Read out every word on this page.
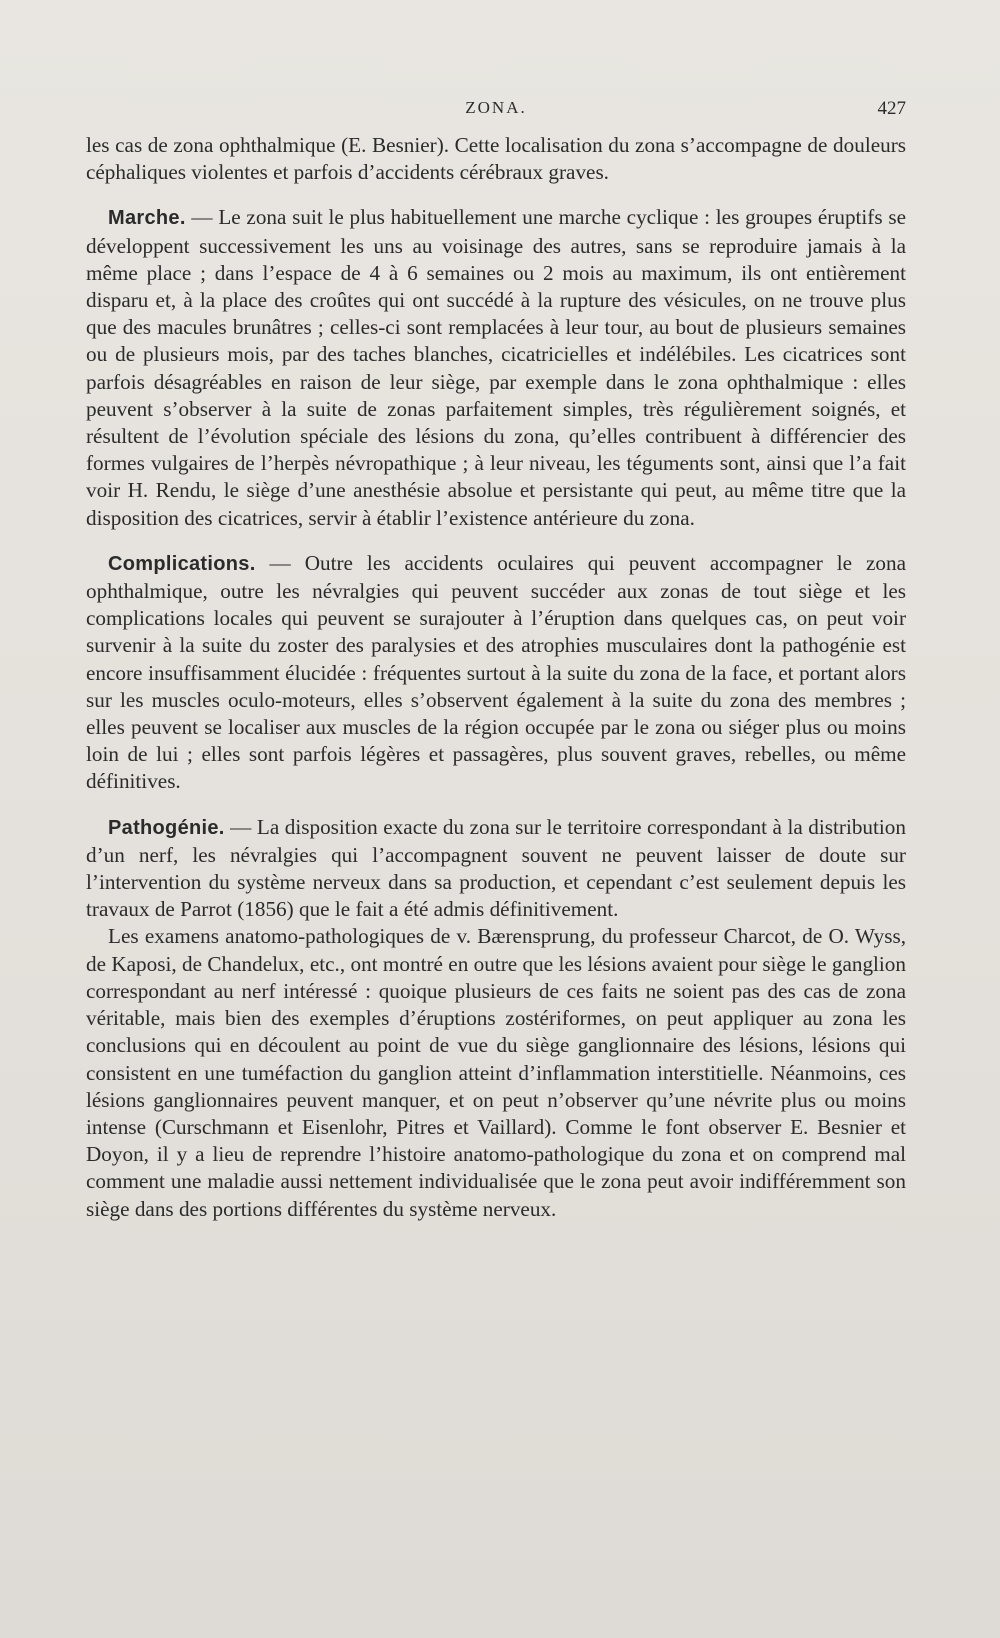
ZONA.	427

les cas de zona ophthalmique (E. Besnier). Cette localisation du zona s’accompagne de douleurs céphaliques violentes et parfois d’accidents cérébraux graves.

Marche. — Le zona suit le plus habituellement une marche cyclique : les groupes éruptifs se développent successivement les uns au voisinage des autres, sans se reproduire jamais à la même place ; dans l’espace de 4 à 6 semaines ou 2 mois au maximum, ils ont entièrement disparu et, à la place des croûtes qui ont succédé à la rupture des vésicules, on ne trouve plus que des macules brunâtres ; celles-ci sont remplacées à leur tour, au bout de plusieurs semaines ou de plusieurs mois, par des taches blanches, cicatricielles et indélébiles. Les cicatrices sont parfois désagréables en raison de leur siège, par exemple dans le zona ophthalmique : elles peuvent s’observer à la suite de zonas parfaitement simples, très régulièrement soignés, et résultent de l’évolution spéciale des lésions du zona, qu’elles contribuent à différencier des formes vulgaires de l’herpès névropathique ; à leur niveau, les téguments sont, ainsi que l’a fait voir H. Rendu, le siège d’une anesthésie absolue et persistante qui peut, au même titre que la disposition des cicatrices, servir à établir l’existence antérieure du zona.

Complications. — Outre les accidents oculaires qui peuvent accompagner le zona ophthalmique, outre les névralgies qui peuvent succéder aux zonas de tout siège et les complications locales qui peuvent se surajouter à l’éruption dans quelques cas, on peut voir survenir à la suite du zoster des paralysies et des atrophies musculaires dont la pathogénie est encore insuffisamment élucidée : fréquentes surtout à la suite du zona de la face, et portant alors sur les muscles oculo-moteurs, elles s’observent également à la suite du zona des membres ; elles peuvent se localiser aux muscles de la région occupée par le zona ou siéger plus ou moins loin de lui ; elles sont parfois légères et passagères, plus souvent graves, rebelles, ou même définitives.

Pathogénie. — La disposition exacte du zona sur le territoire correspondant à la distribution d’un nerf, les névralgies qui l’accompagnent souvent ne peuvent laisser de doute sur l’intervention du système nerveux dans sa production, et cependant c’est seulement depuis les travaux de Parrot (1856) que le fait a été admis définitivement.

Les examens anatomo-pathologiques de v. Bærensprung, du professeur Charcot, de O. Wyss, de Kaposi, de Chandelux, etc., ont montré en outre que les lésions avaient pour siège le ganglion correspondant au nerf intéressé : quoique plusieurs de ces faits ne soient pas des cas de zona véritable, mais bien des exemples d’éruptions zostériformes, on peut appliquer au zona les conclusions qui en découlent au point de vue du siège ganglionnaire des lésions, lésions qui consistent en une tuméfaction du ganglion atteint d’inflammation interstitielle. Néanmoins, ces lésions ganglionnaires peuvent manquer, et on peut n’observer qu’une névrite plus ou moins intense (Curschmann et Eisenlohr, Pitres et Vaillard). Comme le font observer E. Besnier et Doyon, il y a lieu de reprendre l’histoire anatomo-pathologique du zona et on comprend mal comment une maladie aussi nettement individualisée que le zona peut avoir indifféremment son siège dans des portions différentes du système nerveux.
